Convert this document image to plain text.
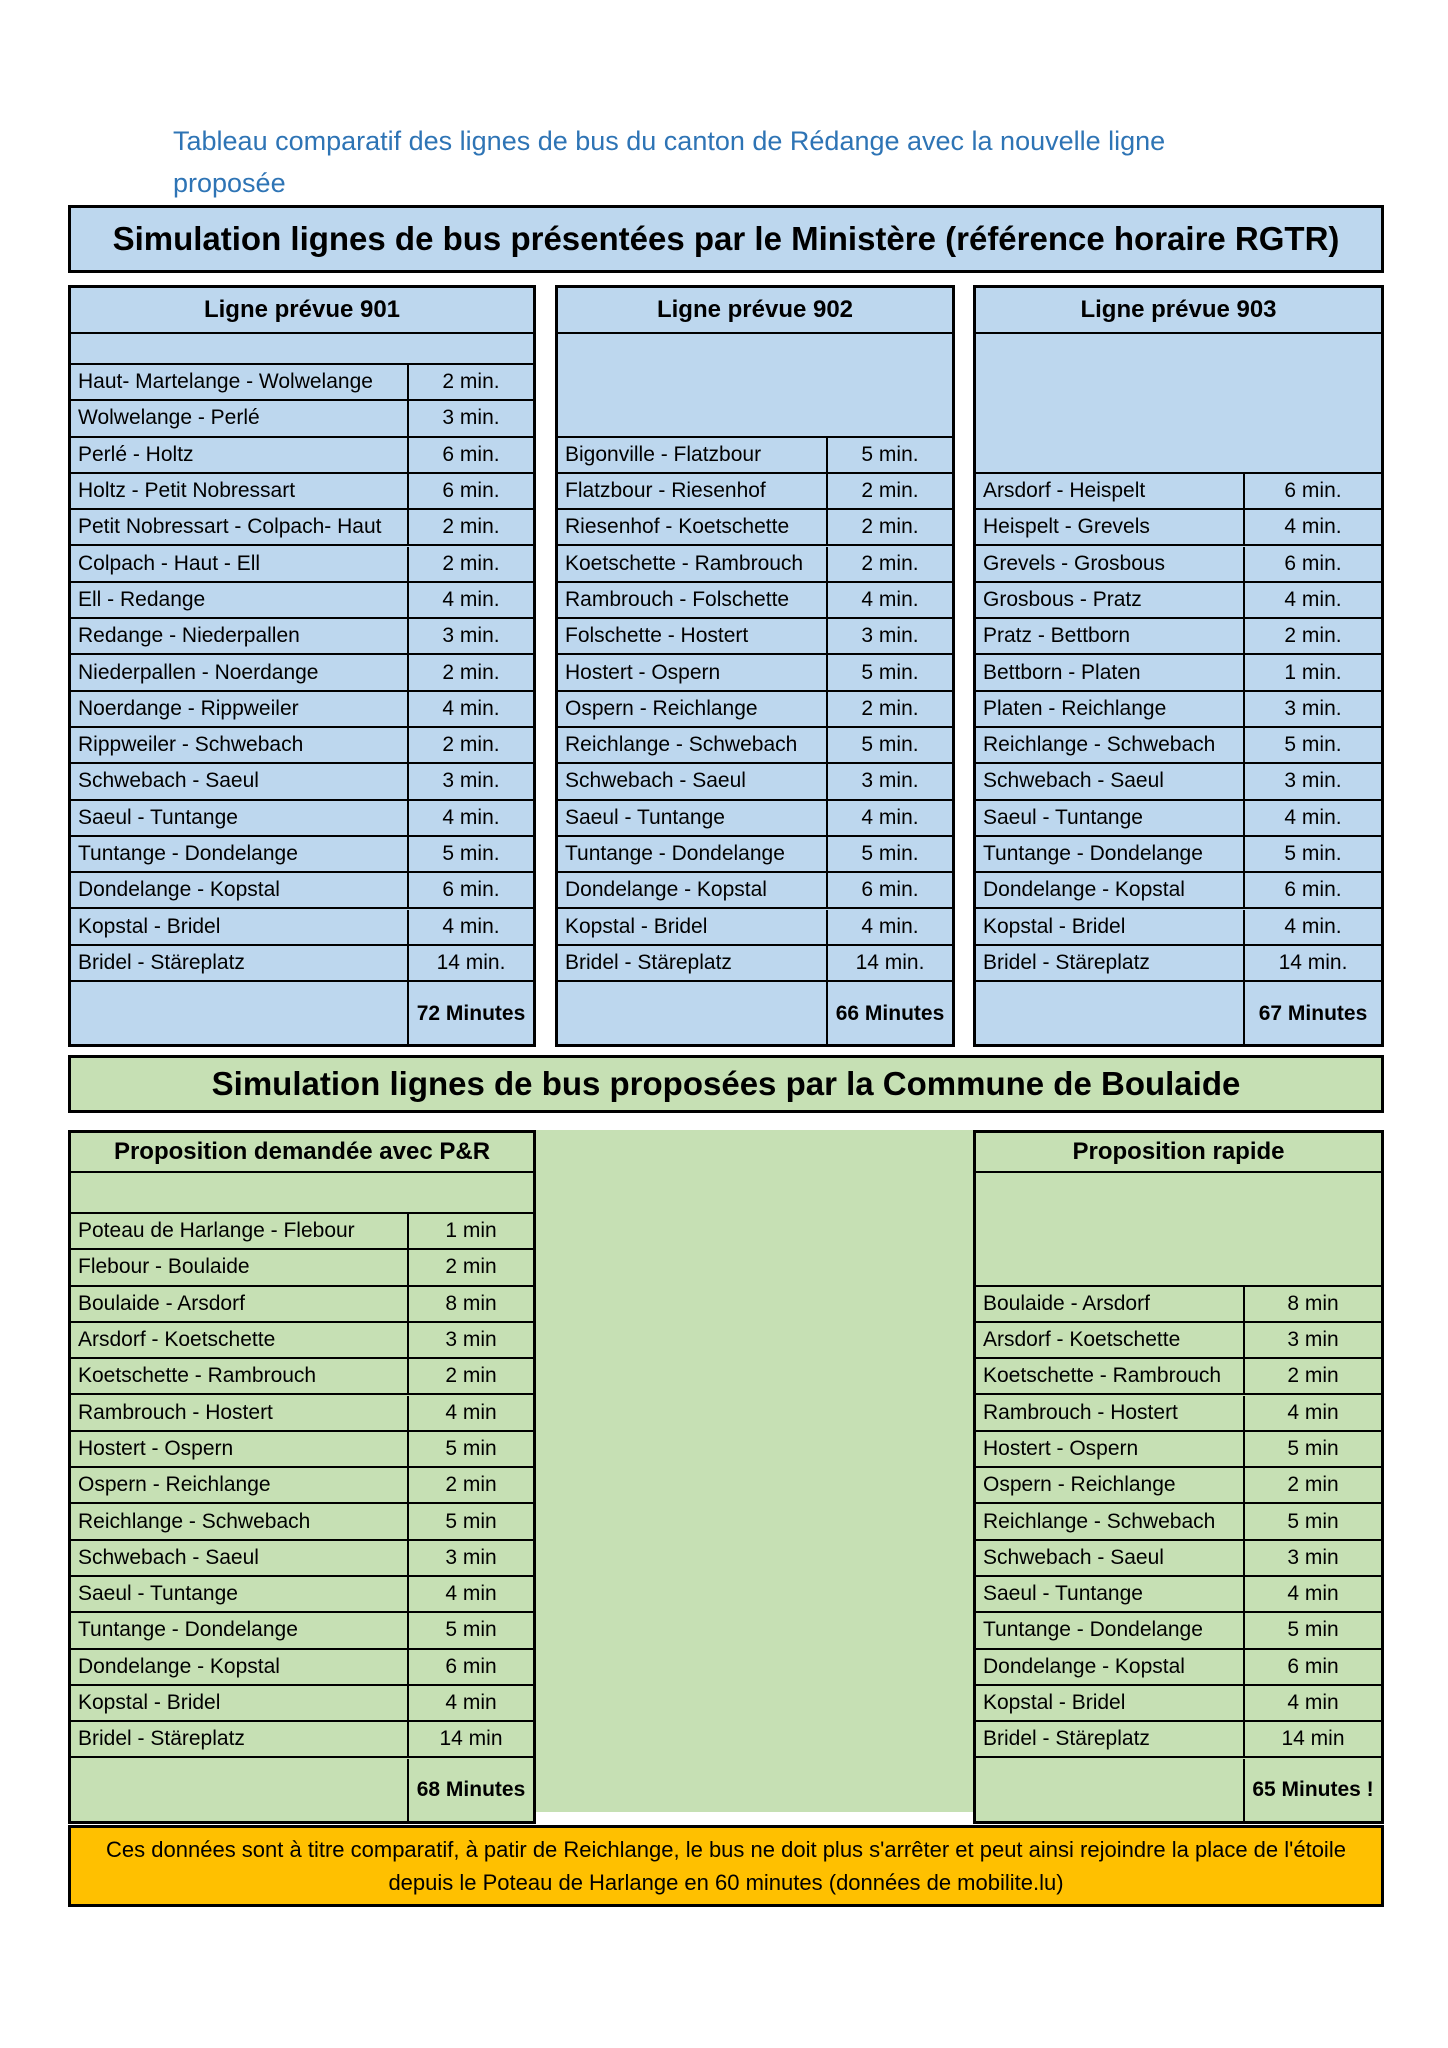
Tableau comparatif des lignes de bus du canton de Rédange avec la nouvelle ligne proposée
Simulation lignes de bus présentées par le Ministère (référence horaire RGTR)
Simulation lignes de bus proposées par la Commune de Boulaide
Ligne prévue 901
Haut- Martelange - Wolwelange	2 min.
Wolwelange - Perlé	3 min.
Perlé - Holtz	6 min.
Holtz - Petit Nobressart	6 min.
Petit Nobressart - Colpach- Haut	2 min.
Colpach - Haut - Ell	2 min.
Ell - Redange	4 min.
Redange - Niederpallen	3 min.
Niederpallen - Noerdange	2 min.
Noerdange - Rippweiler	4 min.
Rippweiler - Schwebach	2 min.
Schwebach - Saeul	3 min.
Saeul - Tuntange	4 min.
Tuntange - Dondelange	5 min.
Dondelange - Kopstal	6 min.
Kopstal - Bridel	4 min.
Bridel - Stäreplatz	14 min.
72 Minutes
Ligne prévue 902
Bigonville - Flatzbour	5 min.
Flatzbour - Riesenhof	2 min.
Riesenhof - Koetschette	2 min.
Koetschette - Rambrouch	2 min.
Rambrouch - Folschette	4 min.
Folschette - Hostert	3 min.
Hostert - Ospern	5 min.
Ospern - Reichlange	2 min.
Reichlange - Schwebach	5 min.
Schwebach - Saeul	3 min.
Saeul - Tuntange	4 min.
Tuntange - Dondelange	5 min.
Dondelange - Kopstal	6 min.
Kopstal - Bridel	4 min.
Bridel - Stäreplatz	14 min.
66 Minutes
Ligne prévue 903
Arsdorf - Heispelt	6 min.
Heispelt - Grevels	4 min.
Grevels - Grosbous	6 min.
Grosbous - Pratz	4 min.
Pratz - Bettborn	2 min.
Bettborn - Platen	1 min.
Platen - Reichlange	3 min.
Reichlange - Schwebach	5 min.
Schwebach - Saeul	3 min.
Saeul - Tuntange	4 min.
Tuntange - Dondelange	5 min.
Dondelange - Kopstal	6 min.
Kopstal - Bridel	4 min.
Bridel - Stäreplatz	14 min.
67 Minutes
Proposition demandée avec P&R
Poteau de Harlange - Flebour	1 min
Flebour - Boulaide	2 min
Boulaide - Arsdorf	8 min
Arsdorf - Koetschette	3 min
Koetschette - Rambrouch	2 min
Rambrouch - Hostert	4 min
Hostert - Ospern	5 min
Ospern - Reichlange	2 min
Reichlange - Schwebach	5 min
Schwebach - Saeul	3 min
Saeul - Tuntange	4 min
Tuntange - Dondelange	5 min
Dondelange - Kopstal	6 min
Kopstal - Bridel	4 min
Bridel - Stäreplatz	14 min
68 Minutes
Proposition rapide
Boulaide - Arsdorf	8 min
Arsdorf - Koetschette	3 min
Koetschette - Rambrouch	2 min
Rambrouch - Hostert	4 min
Hostert - Ospern	5 min
Ospern - Reichlange	2 min
Reichlange - Schwebach	5 min
Schwebach - Saeul	3 min
Saeul - Tuntange	4 min
Tuntange - Dondelange	5 min
Dondelange - Kopstal	6 min
Kopstal - Bridel	4 min
Bridel - Stäreplatz	14 min
65 Minutes !
Ces données sont à titre comparatif, à patir de Reichlange, le bus ne doit plus s'arrêter et peut ainsi rejoindre la place de l'étoile depuis le Poteau de Harlange en 60 minutes (données de mobilite.lu)
